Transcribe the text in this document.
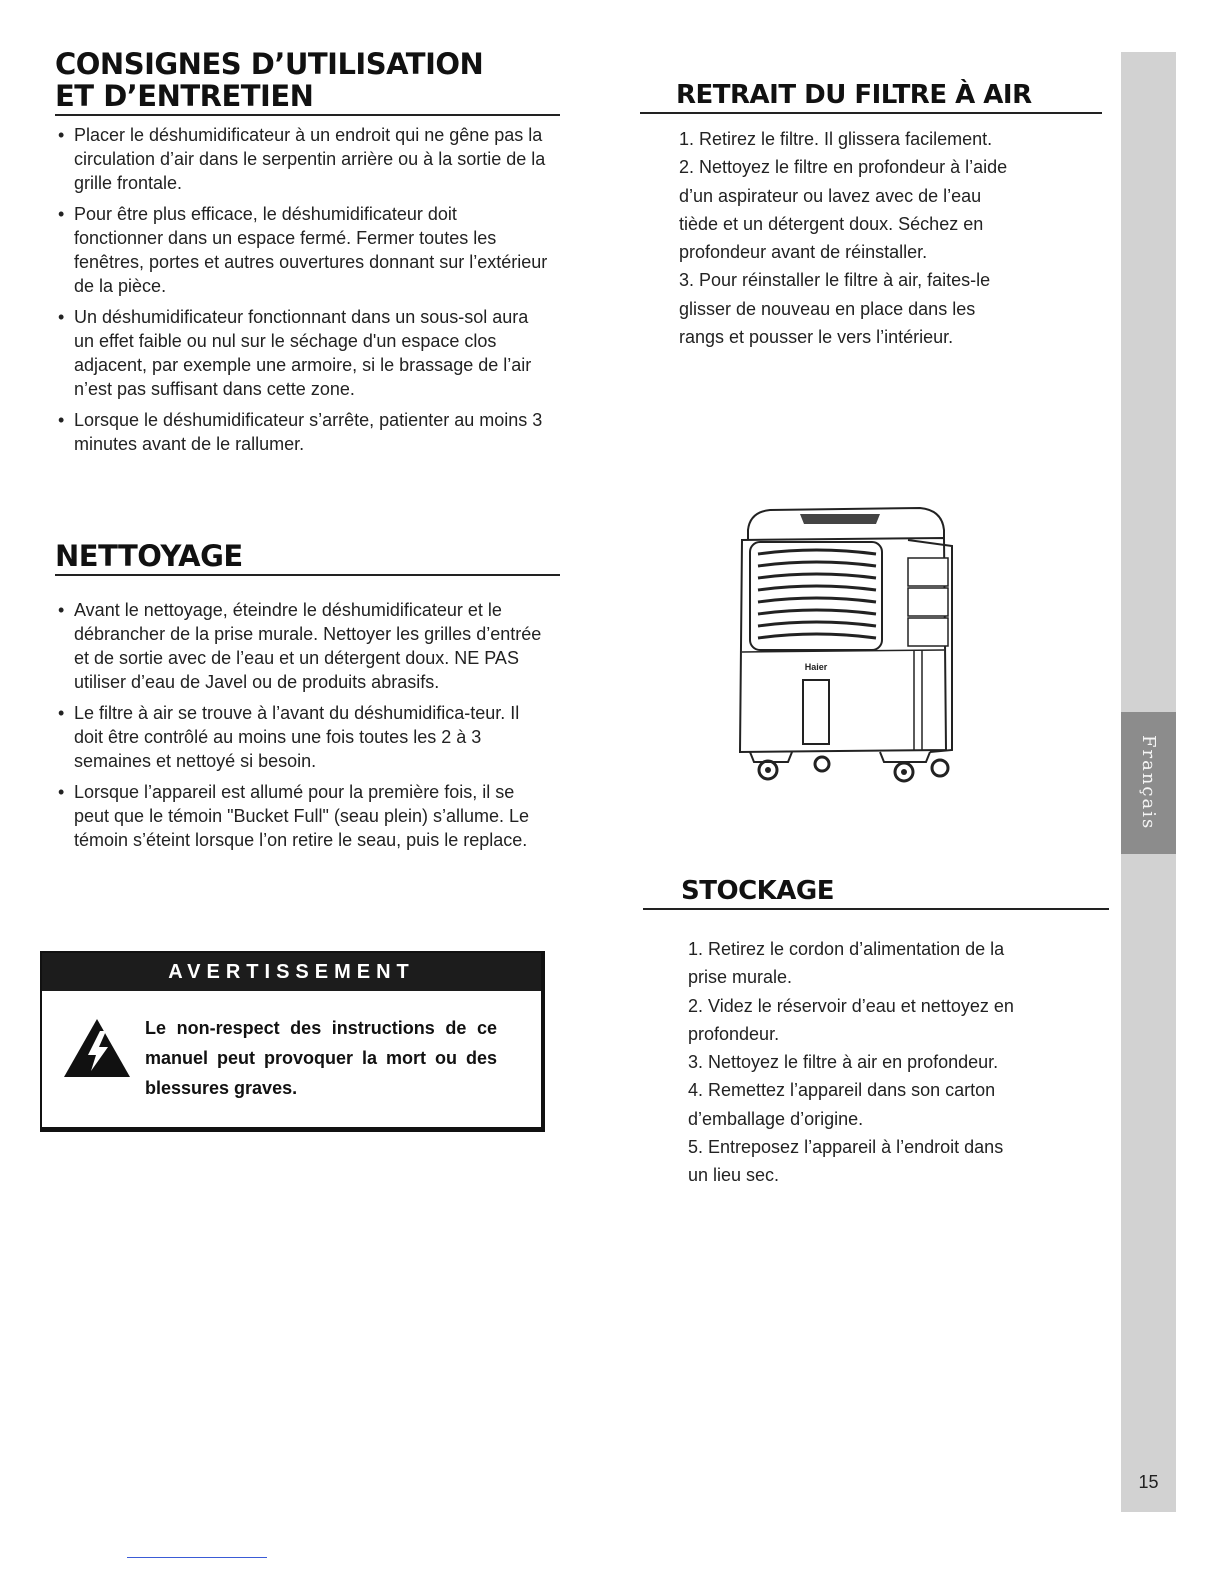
CONSIGNES D’UTILISATION
ET D’ENTRETIEN
• Placer le déshumidificateur à un endroit qui ne gêne pas la circulation d’air dans le serpentin arrière ou à la sortie de la grille frontale.
• Pour être plus efficace, le déshumidificateur doit fonctionner dans un espace fermé. Fermer toutes les fenêtres, portes et autres ouvertures donnant sur l’extérieur de la pièce.
• Un déshumidificateur fonctionnant dans un sous-sol aura un effet faible ou nul sur le séchage d'un espace clos adjacent, par exemple une armoire, si le brassage de l’air n’est pas suffisant dans cette zone.
• Lorsque le déshumidificateur s’arrête, patienter au moins 3 minutes avant de le rallumer.
NETTOYAGE
• Avant le nettoyage, éteindre le déshumidificateur et le débrancher de la prise murale. Nettoyer les grilles d’entrée et de sortie avec de l’eau et un détergent doux. NE PAS utiliser d’eau de Javel ou de produits abrasifs.
• Le filtre à air se trouve à l’avant du déshumidifica-teur. Il doit être contrôlé au moins une fois toutes les 2 à 3 semaines et nettoyé si besoin.
• Lorsque l’appareil est allumé pour la première fois, il se peut que le témoin "Bucket Full" (seau plein) s’allume. Le témoin s’éteint lorsque l’on retire le seau, puis le replace.
AVERTISSEMENT
Le non-respect des instructions de ce manuel peut provoquer la mort ou des blessures graves.
RETRAIT DU FILTRE À AIR
1. Retirez le filtre. Il glissera facilement.
2. Nettoyez le filtre en profondeur à l’aide d’un aspirateur ou lavez avec de l’eau tiède et un détergent doux. Séchez en profondeur avant de réinstaller.
3. Pour réinstaller le filtre à air, faites-le glisser de nouveau en place dans les rangs et pousser le vers l’intérieur.
Haier
STOCKAGE
1. Retirez le cordon d’alimentation de la prise murale.
2. Videz le réservoir d’eau et nettoyez en profondeur.
3. Nettoyez le filtre à air en profondeur.
4. Remettez l’appareil dans son carton d’emballage d’origine.
5. Entreposez l’appareil à l’endroit dans un lieu sec.
Français
15
